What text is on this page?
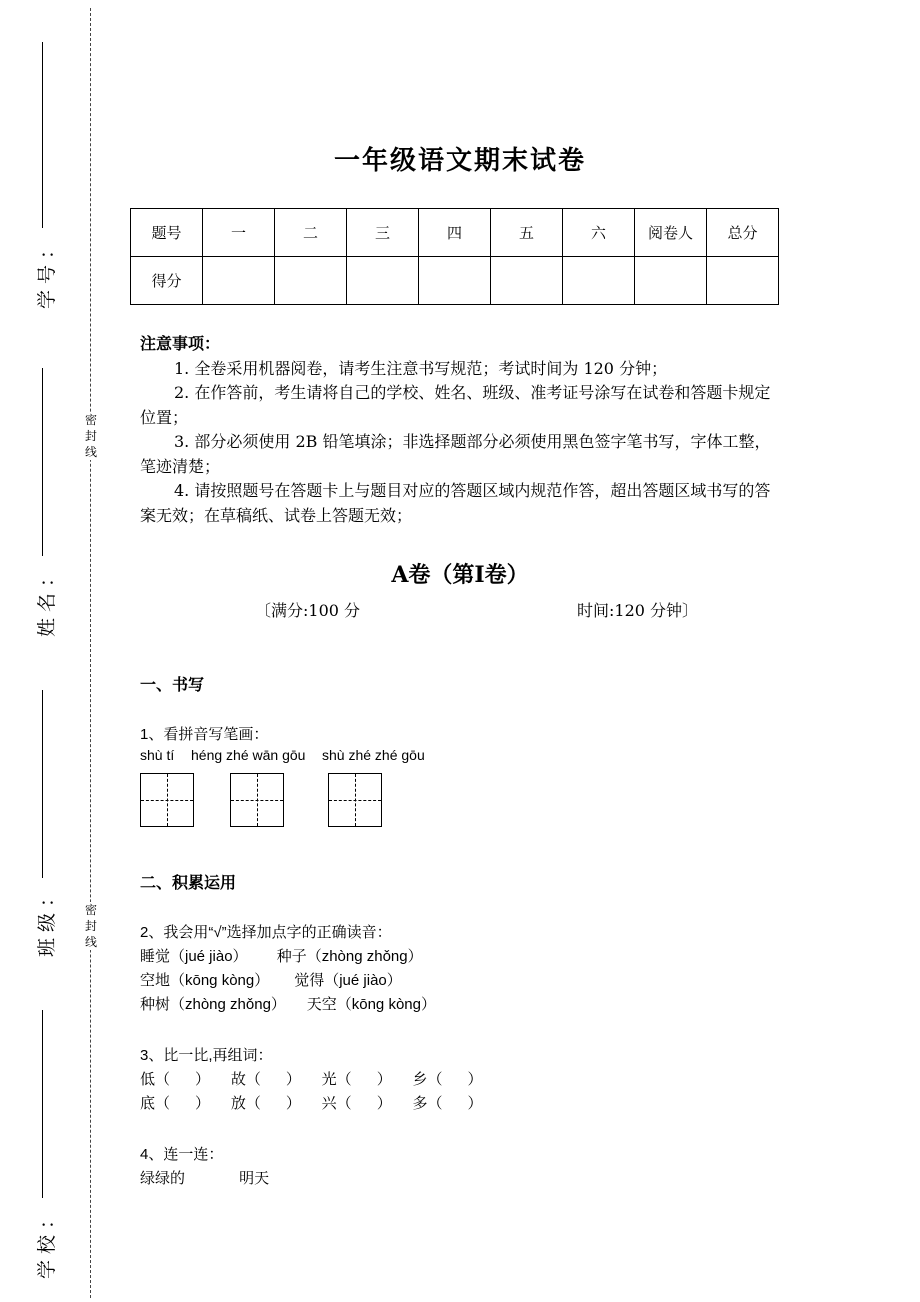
密
封
线
密
封
线
学号：
姓名：
班级：
学校：
一年级语文期末试卷
题号	一	二	三	四	五	六	阅卷人	总分
得分								
注意事项：

1. 全卷采用机器阅卷，请考生注意书写规范；考试时间为 120 分钟；

2. 在作答前，考生请将自己的学校、姓名、班级、准考证号涂写在试卷和答题卡规定位置；

3. 部分必须使用 2B 铅笔填涂；非选择题部分必须使用黑色签字笔书写，字体工整，笔迹清楚；

4. 请按照题号在答题卡上与题目对应的答题区域内规范作答，超出答题区域书写的答案无效；在草稿纸、试卷上答题无效；

A卷（第Ⅰ卷）
〔满分:100 分	时间:120 分钟〕
一、书写
1、看拼音写笔画：
shù tí héng zhé wān gōu shù zhé zhé gōu
二、积累运用
2、我会用“√”选择加点字的正确读音：
睡觉（jué jiào）       种子（zhòng zhǒng）
空地（kōng kòng）      觉得（jué jiào）
种树（zhòng zhǒng）     天空（kōng kòng）
3、比一比,再组词：
低（      ）     故（      ）     光（      ）     乡（      ）
底（      ）     放（      ）     兴（      ）     多（      ）
4、连一连：
绿绿的             明天
